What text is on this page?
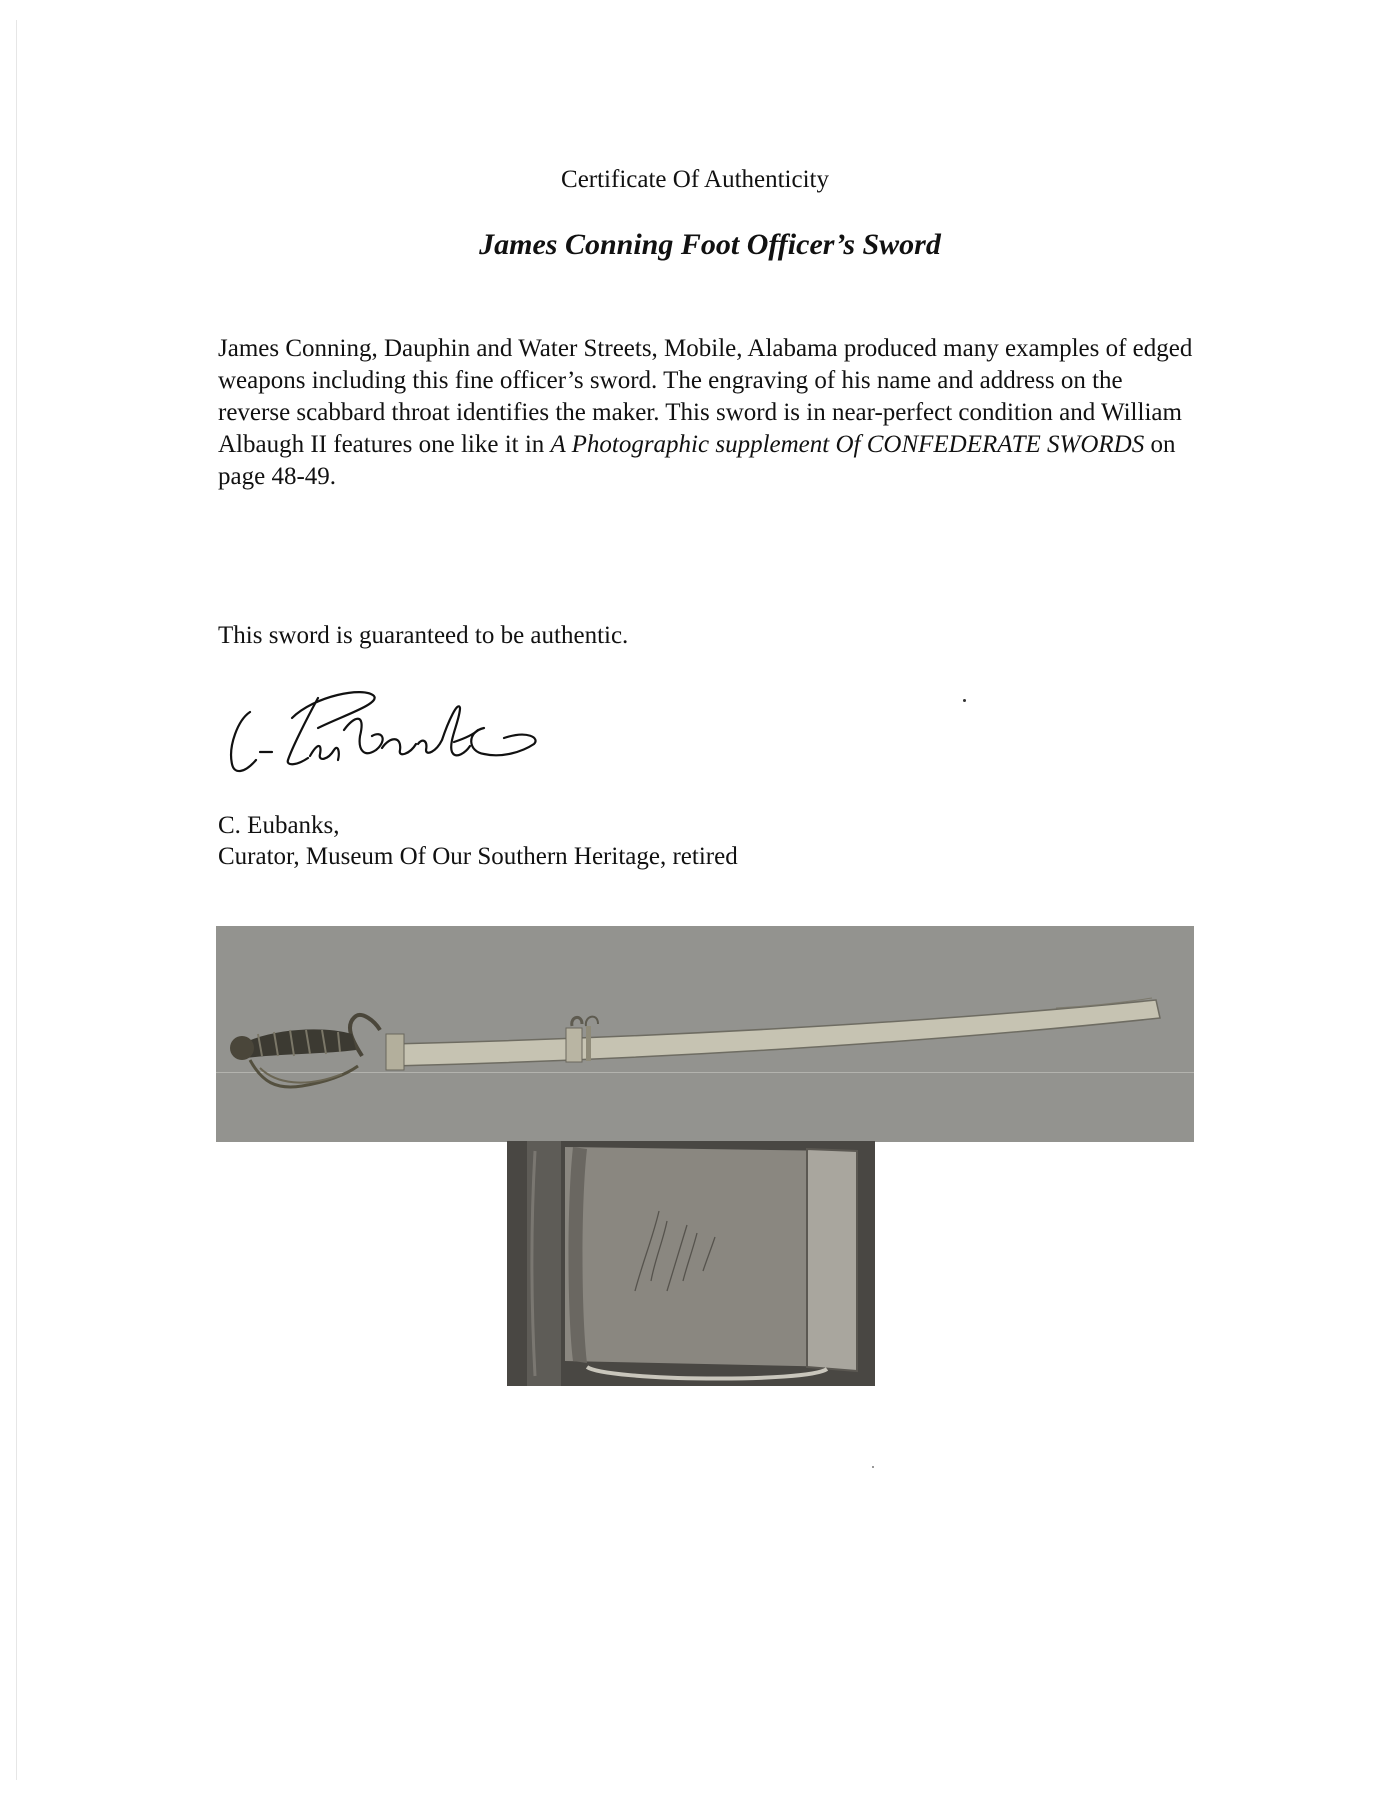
Certificate Of Authenticity
James Conning Foot Officer’s Sword

James Conning, Dauphin and Water Streets, Mobile, Alabama produced many examples of edged weapons including this fine officer’s sword. The engraving of his name and address on the reverse scabbard throat identifies the maker. This sword is in near-perfect condition and William Albaugh II features one like it in A Photographic supplement Of CONFEDERATE SWORDS on page 48-49.

This sword is guaranteed to be authentic.
C. Eubanks,
Curator, Museum Of Our Southern Heritage, retired
